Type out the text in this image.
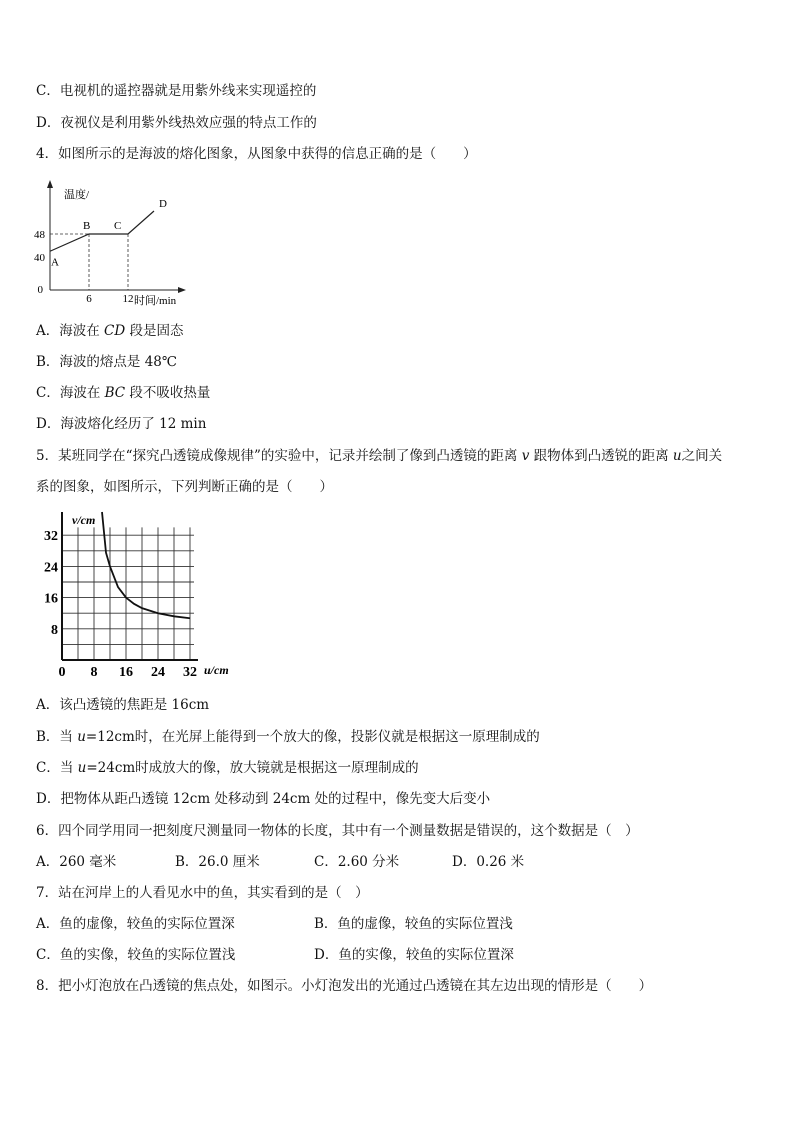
C．电视机的遥控器就是用紫外线来实现遥控的
D．夜视仪是利用紫外线热效应强的特点工作的
4．如图所示的是海波的熔化图象，从图象中获得的信息正确的是（　　）
温度/
时间/min
0
40
48
6	12
A
B C
D
A．海波在 CD 段是固态
B．海波的熔点是 48℃
C．海波在 BC 段不吸收热量
D．海波熔化经历了 12 min
5．某班同学在“探究凸透镜成像规律”的实验中，记录并绘制了像到凸透镜的距离 v 跟物体到凸透锐的距离 u之间关
系的图象，如图所示，下列判断正确的是（　　）
v/cm
u/cm
8
16
24
32
0 8 16 24 32
A．该凸透镜的焦距是 16cm
B．当 u=12cm时，在光屏上能得到一个放大的像，投影仪就是根据这一原理制成的
C．当 u=24cm时成放大的像，放大镜就是根据这一原理制成的
D．把物体从距凸透镜 12cm 处移动到 24cm 处的过程中，像先变大后变小
6．四个同学用同一把刻度尺测量同一物体的长度，其中有一个测量数据是错误的，这个数据是（　）
A．260 毫米	B．26.0 厘米	C．2.60 分米	D．0.26 米
7．站在河岸上的人看见水中的鱼，其实看到的是（　）
A．鱼的虚像，较鱼的实际位置深	B．鱼的虚像，较鱼的实际位置浅
C．鱼的实像，较鱼的实际位置浅	D．鱼的实像，较鱼的实际位置深
8．把小灯泡放在凸透镜的焦点处，如图示。小灯泡发出的光通过凸透镜在其左边出现的情形是（　　）
